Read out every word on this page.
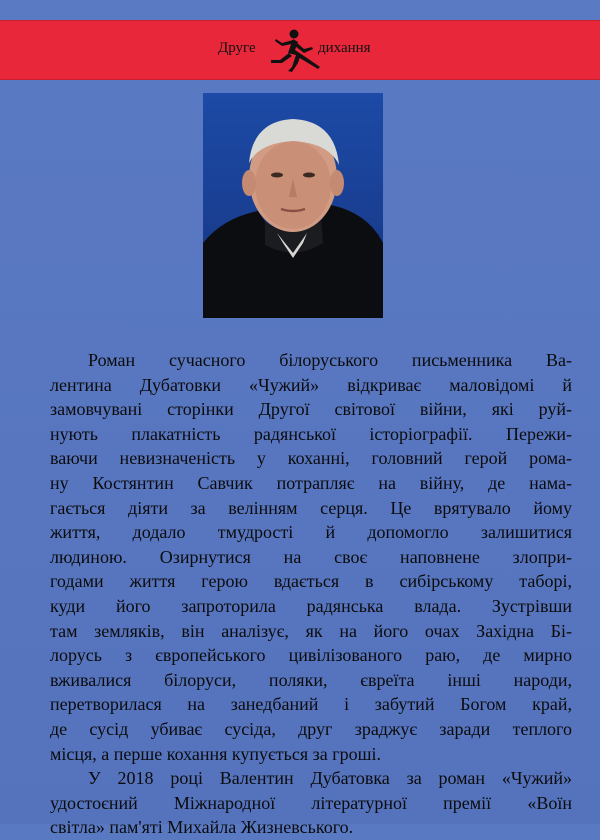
Друге	дихання
Роман сучасного білоруського письменника Ва-
лентина Дубатовки «Чужий» відкриває маловідомі й
замовчувані сторінки Другої світової війни, які руй-
нують плакатність радянської історіографії. Пережи-
ваючи невизначеність у коханні, головний герой рома-
ну Костянтин Савчик потрапляє на війну, де нама-
гається діяти за велінням серця. Це врятувало йому
життя, додало тмудрості й допомогло залишитися
людиною. Озирнутися на своє наповнене злопри-
годами життя герою вдається в сибірському таборі,
куди його запроторила радянська влада. Зустрівши
там земляків, він аналізує, як на його очах Західна Бі-
лорусь з європейського цивілізованого раю, де мирно
вживалися білоруси, поляки, євреїта інші народи,
перетворилася на занедбаний і забутий Богом край,
де сусід убиває сусіда, друг зраджує заради теплого
місця, а перше кохання купується за гроші.
У 2018 році Валентин Дубатовка за роман «Чужий»
удостоєний Міжнародної літературної премії «Воїн
світла» пам'яті Михайла Жизневського.
